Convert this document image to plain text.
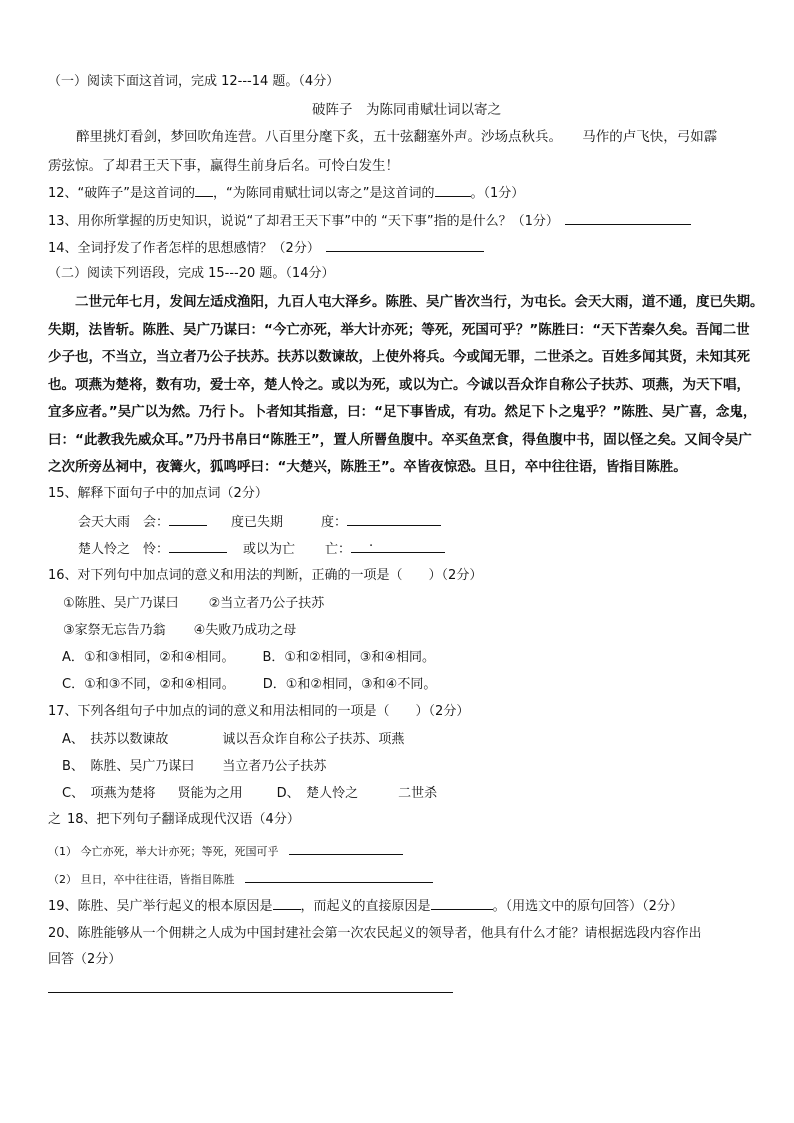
（一）阅读下面这首词，完成 12---14 题。（4分）
破阵子　为陈同甫赋壮词以寄之
醉里挑灯看剑，梦回吹角连营。八百里分麾下炙，五十弦翻塞外声。沙场点秋兵。　　马作的卢飞快，弓如霹
雳弦惊。了却君王天下事，赢得生前身后名。可怜白发生！
12、“破阵子”是这首词的 ，“为陈同甫赋壮词以寄之”是这首词的	。（1分）
13、用你所掌握的历史知识，说说“了却君王天下事”中的 “天下事”指的是什么？（1分）
14、全词抒发了作者怎样的思想感情？（2分）
（二）阅读下列语段，完成 15---20 题。（14分）
　　二世元年七月，发闾左适戍渔阳，九百人屯大泽乡。陈胜、吴广皆次当行，为屯长。会天大雨，道不通，度已失期。
失期，法皆斩。陈胜、吴广乃谋曰：“今亡亦死，举大计亦死；等死，死国可乎？”陈胜曰：“天下苦秦久矣。吾闻二世
少子也，不当立，当立者乃公子扶苏。扶苏以数谏故，上使外将兵。今或闻无罪，二世杀之。百姓多闻其贤，未知其死
也。项燕为楚将，数有功，爱士卒，楚人怜之。或以为死，或以为亡。今诚以吾众诈自称公子扶苏、项燕，为天下唱，
宜多应者。”吴广以为然。乃行卜。卜者知其指意，曰：“足下事皆成，有功。然足下卜之鬼乎？”陈胜、吴广喜，念鬼，
曰：“此教我先威众耳。”乃丹书帛曰“陈胜王”，置人所罾鱼腹中。卒买鱼烹食，得鱼腹中书，固以怪之矣。又间令吴广
之次所旁丛祠中，夜篝火，狐鸣呼曰：“大楚兴，陈胜王”。卒皆夜惊恐。旦日，卒中往往语，皆指目陈胜。
15、解释下面句子中的加点词（2分）
会天大雨　会：	度已失期	度：
楚人怜之　怜：	或以为亡 亡： .
16、对下列句中加点词的意义和用法的判断，正确的一项是（　　）（2分）
①陈胜、吴广乃谋曰 ②当立者乃公子扶苏
③家祭无忘告乃翁 ④失败乃成功之母
A．①和③相同，②和④相同。 B．①和②相同，③和④相同。
C．①和③不同，②和④相同。 D．①和②相同，③和④不同。
17、下列各组句子中加点的词的意义和用法相同的一项是（　　）（2分）
A、　扶苏以数谏故	诚以吾众诈自称公子扶苏、项燕
B、　陈胜、吴广乃谋曰 当立者乃公子扶苏
C、　项燕为楚将 贤能为之用	D、　楚人怜之	二世杀
之 18、把下列句子翻译成现代汉语（4分）
（1） 今亡亦死，举大计亦死；等死，死国可乎
（2） 旦日，卒中往往语，皆指目陈胜
19、陈胜、吴广举行起义的根本原因是 ，而起义的直接原因是	。（用选文中的原句回答）（2分）
20、陈胜能够从一个佣耕之人成为中国封建社会第一次农民起义的领导者，他具有什么才能？请根据选段内容作出
回答（2分）
